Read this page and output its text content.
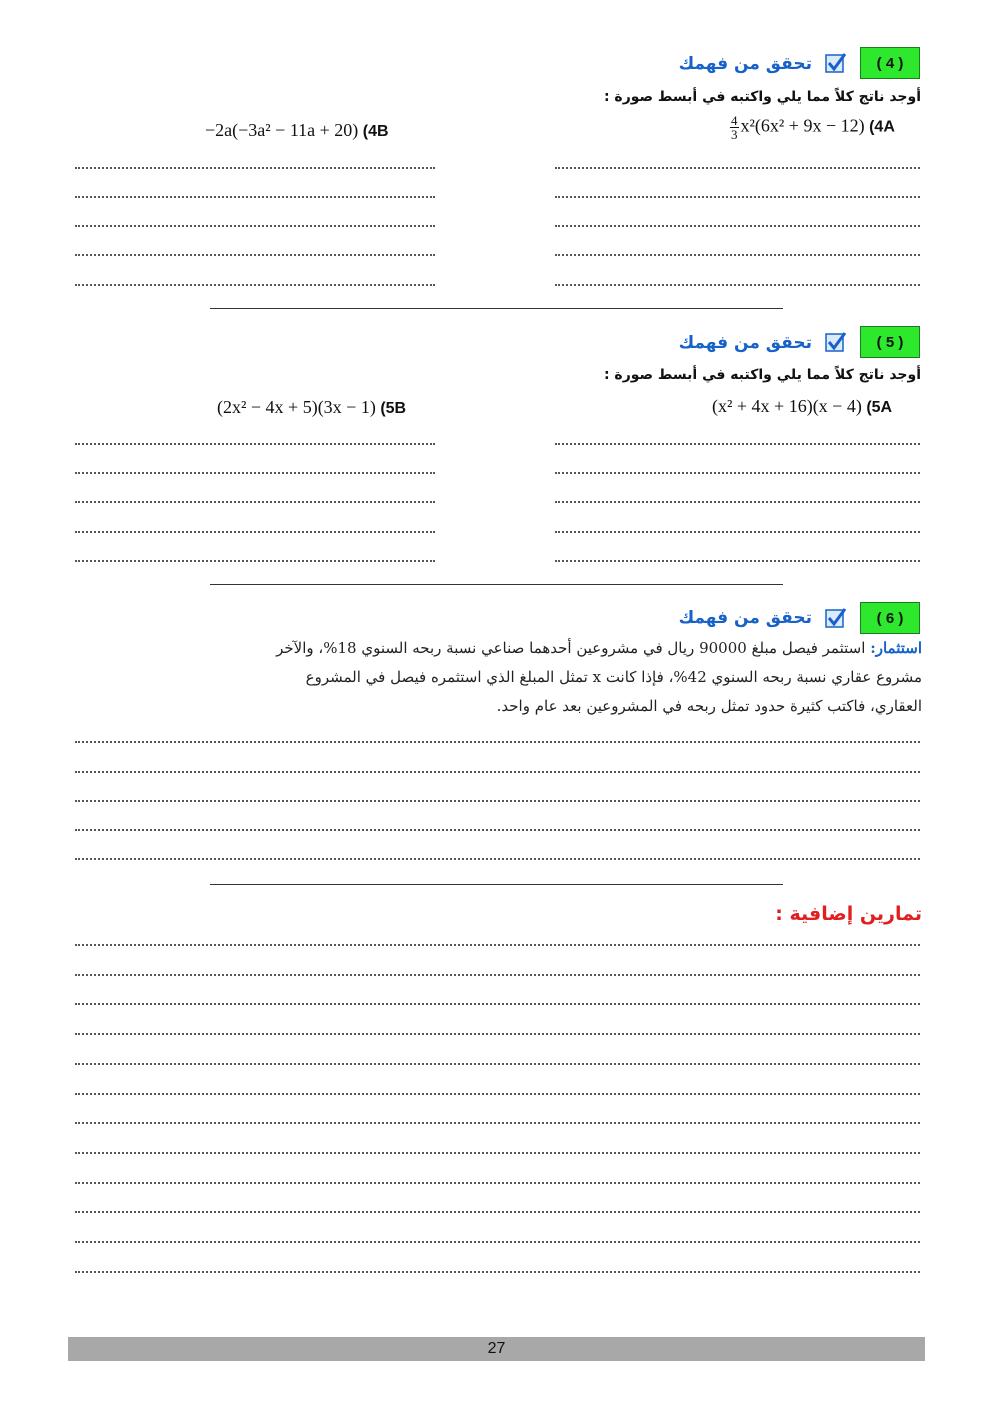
( 4 )
تحقق من فهمك
أوجد ناتج كلاً مما يلي واكتبه في أبسط صورة :
$\frac{4}{3} x^2(6x^2 + 9x - 12)$ (4A
−2a(−3a² − 11a + 20) (4B
( 5 )
تحقق من فهمك
أوجد ناتج كلاً مما يلي واكتبه في أبسط صورة :
(x² + 4x + 16)(x − 4) (5A
(2x² − 4x + 5)(3x − 1) (5B
( 6 )
تحقق من فهمك
استثمار: استثمر فيصل مبلغ 90000 ريال في مشروعين أحدهما صناعي نسبة ربحه السنوي 18%، والآخر مشروع عقاري نسبة ربحه السنوي 42%، فإذا كانت x تمثل المبلغ الذي استثمره فيصل في المشروع العقاري، فاكتب كثيرة حدود تمثل ربحه في المشروعين بعد عام واحد.
تمارين إضافية :
27
